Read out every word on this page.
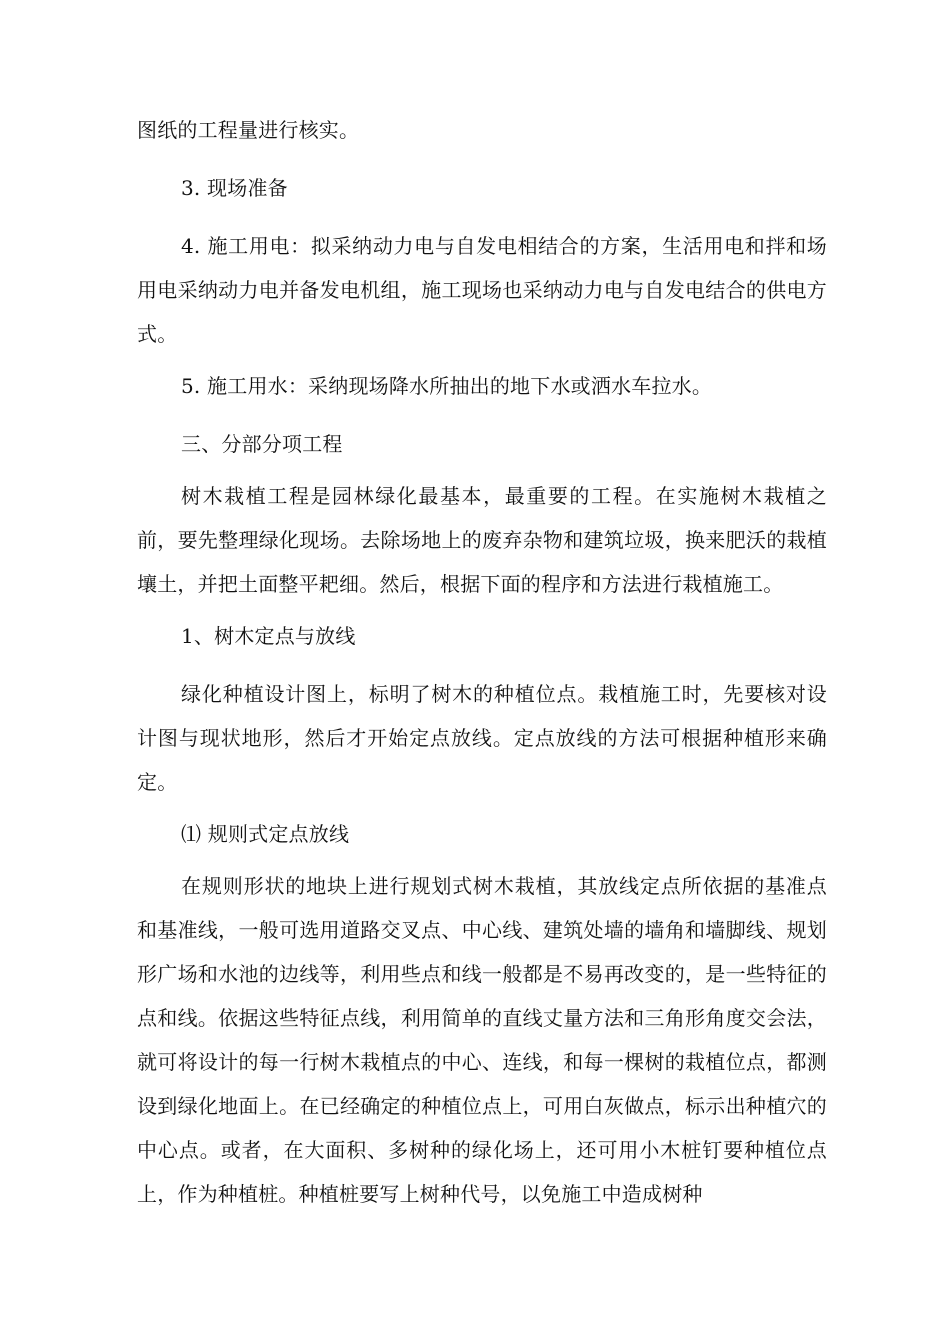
图纸的工程量进行核实。

3. 现场准备

4. 施工用电：拟采纳动力电与自发电相结合的方案，生活用电和拌和场用电采纳动力电并备发电机组，施工现场也采纳动力电与自发电结合的供电方式。

5. 施工用水：采纳现场降水所抽出的地下水或洒水车拉水。

三、分部分项工程

树木栽植工程是园林绿化最基本，最重要的工程。在实施树木栽植之前，要先整理绿化现场。去除场地上的废弃杂物和建筑垃圾，换来肥沃的栽植壤土，并把土面整平耙细。然后，根据下面的程序和方法进行栽植施工。

1、树木定点与放线

绿化种植设计图上，标明了树木的种植位点。栽植施工时，先要核对设计图与现状地形，然后才开始定点放线。定点放线的方法可根据种植形来确定。

⑴ 规则式定点放线

在规则形状的地块上进行规划式树木栽植，其放线定点所依据的基准点和基准线，一般可选用道路交叉点、中心线、建筑处墙的墙角和墙脚线、规划形广场和水池的边线等，利用些点和线一般都是不易再改变的，是一些特征的点和线。依据这些特征点线，利用简单的直线丈量方法和三角形角度交会法，就可将设计的每一行树木栽植点的中心、连线，和每一棵树的栽植位点，都测设到绿化地面上。在已经确定的种植位点上，可用白灰做点，标示出种植穴的中心点。或者，在大面积、多树种的绿化场上，还可用小木桩钉要种植位点上，作为种植桩。种植桩要写上树种代号，以免施工中造成树种
